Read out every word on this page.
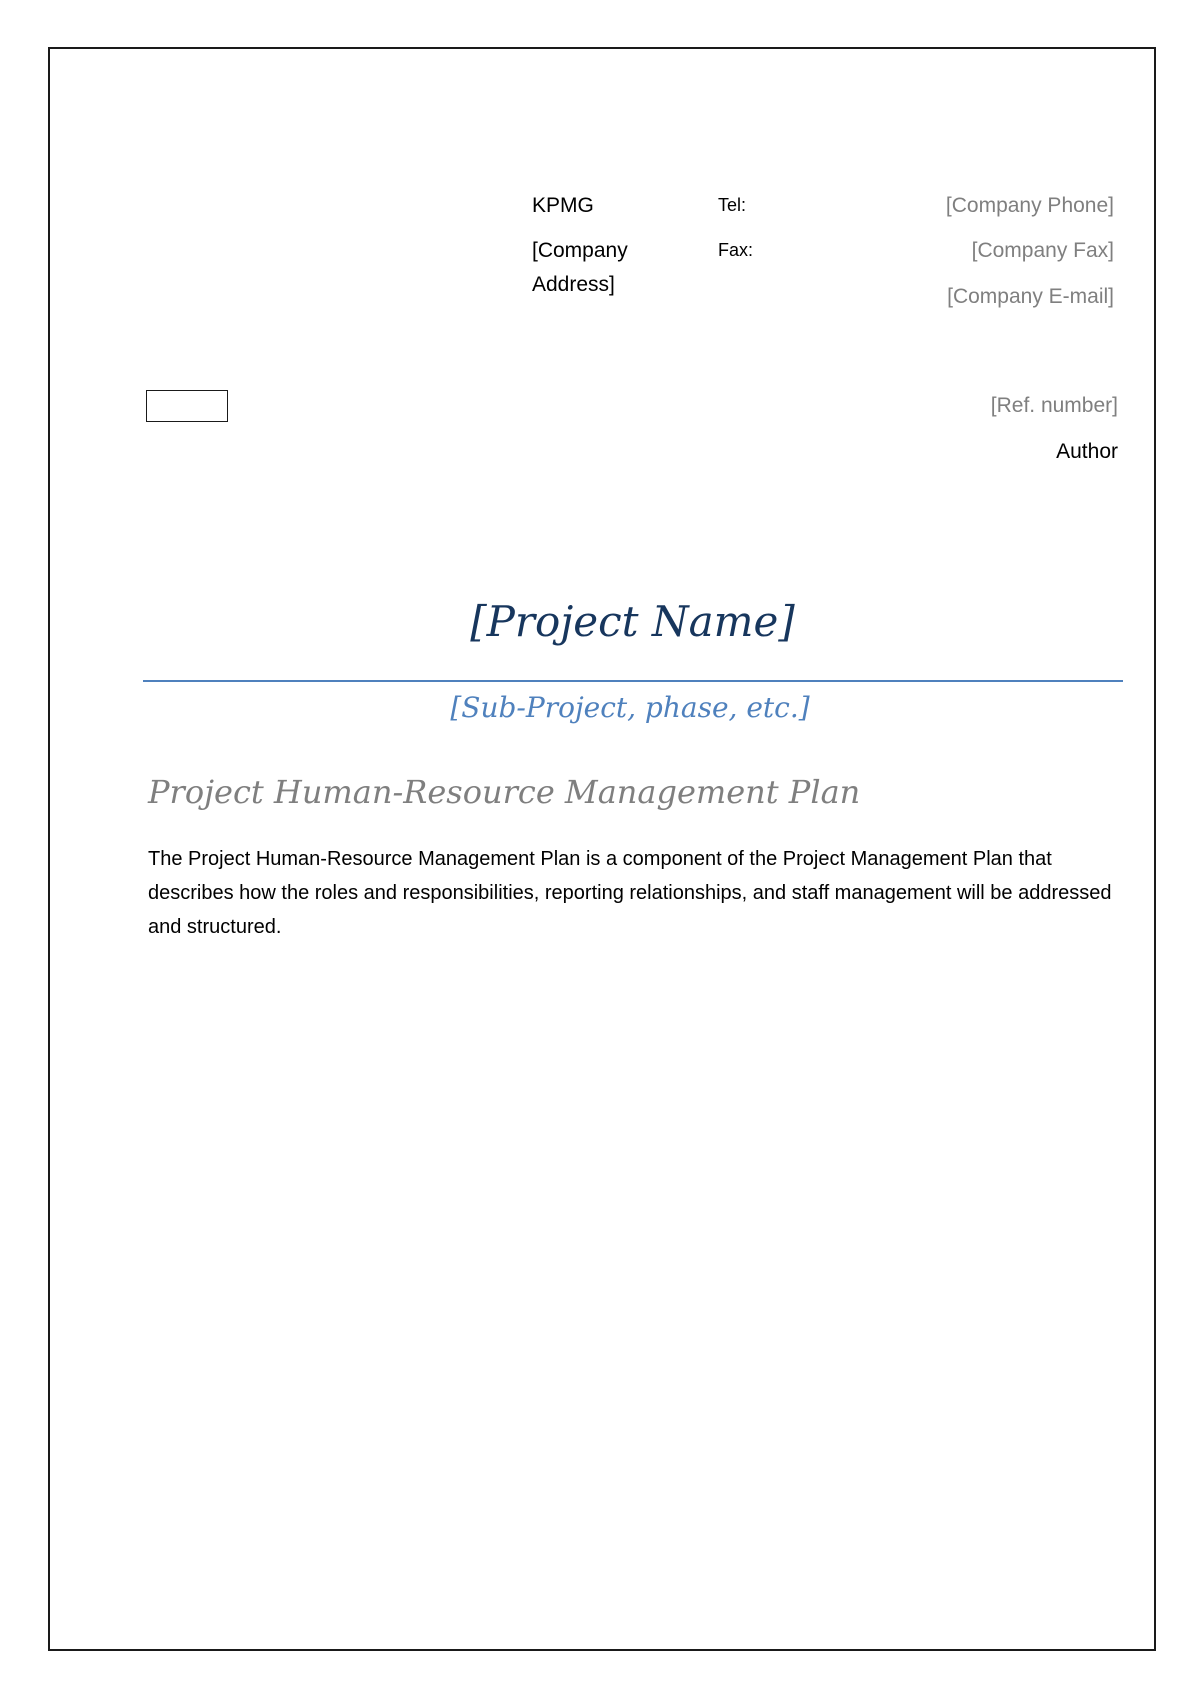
KPMG
[Company Address]
Tel:
Fax:
[Company Phone]
[Company Fax]
[Company E-mail]
[Ref. number]
Author
[Project Name]
[Sub-Project, phase, etc.]
Project Human-Resource Management Plan

The Project Human-Resource Management Plan is a component of the Project Management Plan that describes how the roles and responsibilities, reporting relationships, and staff management will be addressed and structured.
